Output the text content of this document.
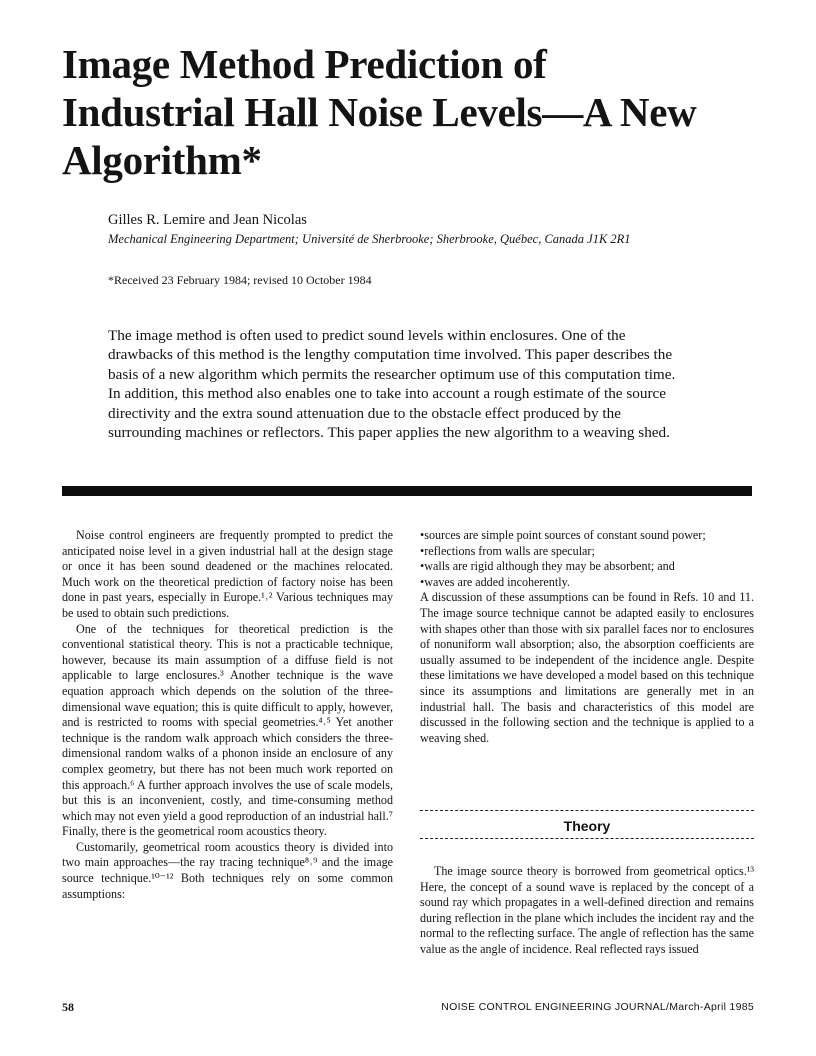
Image Method Prediction of
Industrial Hall Noise Levels—A New
Algorithm*
Gilles R. Lemire and Jean Nicolas
Mechanical Engineering Department; Université de Sherbrooke; Sherbrooke, Québec, Canada J1K 2R1
*Received 23 February 1984; revised 10 October 1984

The image method is often used to predict sound levels within enclosures. One of the drawbacks of this method is the lengthy computation time involved. This paper describes the basis of a new algorithm which permits the researcher optimum use of this computation time. In addition, this method also enables one to take into account a rough estimate of the source directivity and the extra sound attenuation due to the obstacle effect produced by the surrounding machines or reflectors. This paper applies the new algorithm to a weaving shed.

Noise control engineers are frequently prompted to predict the anticipated noise level in a given industrial hall at the design stage or once it has been sound deadened or the machines relocated. Much work on the theoretical prediction of factory noise has been done in past years, especially in Europe.¹˒² Various techniques may be used to obtain such predictions.

One of the techniques for theoretical prediction is the conventional statistical theory. This is not a practicable technique, however, because its main assumption of a diffuse field is not applicable to large enclosures.³ Another technique is the wave equation approach which depends on the solution of the three-dimensional wave equation; this is quite difficult to apply, however, and is restricted to rooms with special geometries.⁴˒⁵ Yet another technique is the random walk approach which considers the three-dimensional random walks of a phonon inside an enclosure of any complex geometry, but there has not been much work reported on this approach.⁶ A further approach involves the use of scale models, but this is an inconvenient, costly, and time-consuming method which may not even yield a good reproduction of an industrial hall.⁷ Finally, there is the geometrical room acoustics theory.

Customarily, geometrical room acoustics theory is divided into two main approaches—the ray tracing technique⁸˒⁹ and the image source technique.¹⁰⁻¹² Both techniques rely on some common assumptions:

• sources are simple point sources of constant sound power;
• reflections from walls are specular;
• walls are rigid although they may be absorbent; and
• waves are added incoherently.

A discussion of these assumptions can be found in Refs. 10 and 11. The image source technique cannot be adapted easily to enclosures with shapes other than those with six parallel faces nor to enclosures of nonuniform wall absorption; also, the absorption coefficients are usually assumed to be independent of the incidence angle. Despite these limitations we have developed a model based on this technique since its assumptions and limitations are generally met in an industrial hall. The basis and characteristics of this model are discussed in the following section and the technique is applied to a weaving shed.

Theory

The image source theory is borrowed from geometrical optics.¹³ Here, the concept of a sound wave is replaced by the concept of a sound ray which propagates in a well-defined direction and remains during reflection in the plane which includes the incident ray and the normal to the reflecting surface. The angle of reflection has the same value as the angle of incidence. Real reflected rays issued

58	NOISE CONTROL ENGINEERING JOURNAL/March-April 1985
